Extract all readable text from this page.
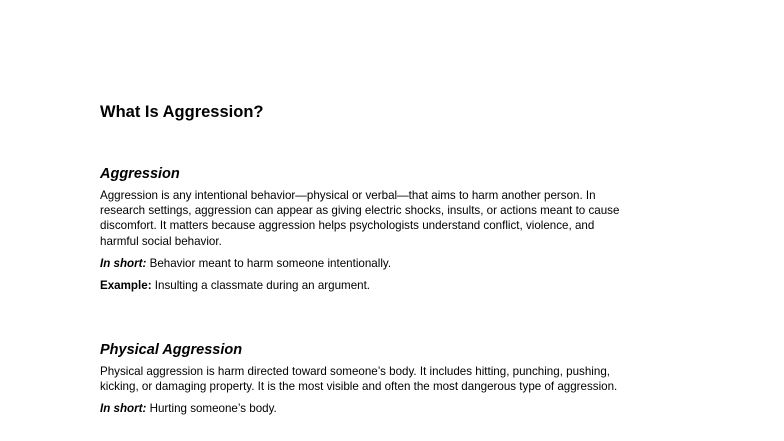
What Is Aggression?
Aggression

Aggression is any intentional behavior—physical or verbal—that aims to harm another person. In
research settings, aggression can appear as giving electric shocks, insults, or actions meant to cause
discomfort. It matters because aggression helps psychologists understand conflict, violence, and
harmful social behavior.

In short: Behavior meant to harm someone intentionally.

Example: Insulting a classmate during an argument.

Physical Aggression

Physical aggression is harm directed toward someone’s body. It includes hitting, punching, pushing,
kicking, or damaging property. It is the most visible and often the most dangerous type of aggression.

In short: Hurting someone’s body.
